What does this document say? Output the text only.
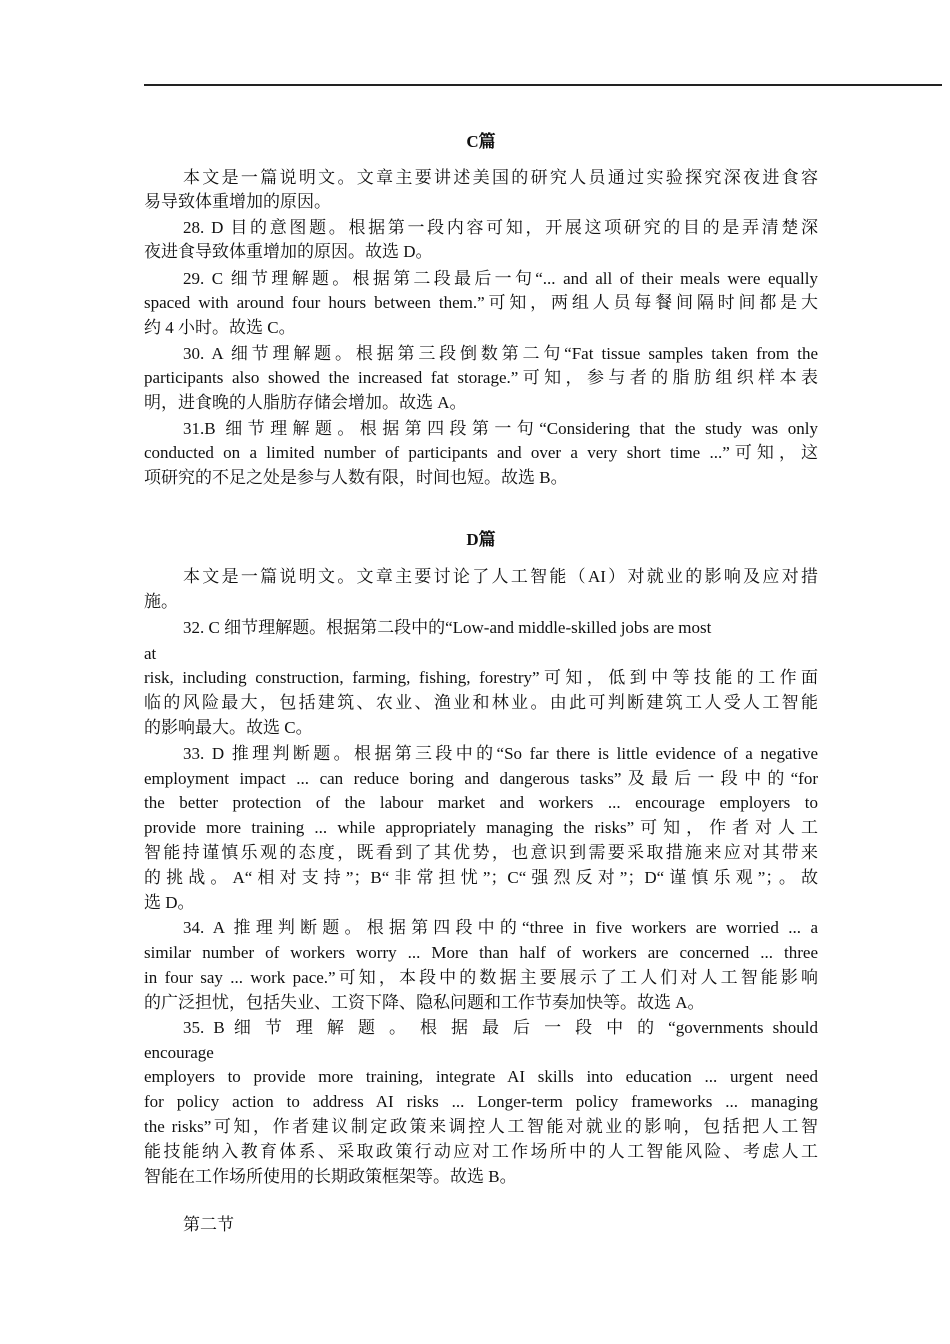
C篇
本文是一篇说明文。文章主要讲述美国的研究人员通过实验探究深夜进食容
易导致体重增加的原因。
28. D 目的意图题。根据第一段内容可知，开展这项研究的目的是弄清楚深
夜进食导致体重增加的原因。故选 D。
29. C 细节理解题。根据第二段最后一句“... and all of their meals were equally
spaced with around four hours between them.”可知，两组人员每餐间隔时间都是大
约 4 小时。故选 C。
30. A 细节理解题。根据第三段倒数第二句“Fat tissue samples taken from the
participants also showed the increased fat storage.”可知，参与者的脂肪组织样本表
明，进食晚的人脂肪存储会增加。故选 A。
31.B 细节理解题。根据第四段第一句“Considering that the study was only
conducted on a limited number of participants and over a very short time ...”可知，这
项研究的不足之处是参与人数有限，时间也短。故选 B。
D篇
本文是一篇说明文。文章主要讨论了人工智能（AI）对就业的影响及应对措
施。
32. C 细节理解题。根据第二段中的“Low-and middle-skilled jobs are most
at
risk, including construction, farming, fishing, forestry”可知，低到中等技能的工作面
临的风险最大，包括建筑、农业、渔业和林业。由此可判断建筑工人受人工智能
的影响最大。故选 C。
33. D 推理判断题。根据第三段中的“So far there is little evidence of a negative
employment impact ... can reduce boring and dangerous tasks”及最后一段中的“for
the better protection of the labour market and workers ... encourage employers to
provide more training ... while appropriately managing the risks”可知，作者对人工
智能持谨慎乐观的态度，既看到了其优势，也意识到需要采取措施来应对其带来
的挑战。A“相对支持”；B“非常担忧”；C“强烈反对”；D“谨慎乐观”；。故
选 D。
34. A 推理判断题。根据第四段中的“three in five workers are worried ... a
similar number of workers worry ... More than half of workers are concerned ... three
in four say ... work pace.”可知，本段中的数据主要展示了工人们对人工智能影响
的广泛担忧，包括失业、工资下降、隐私问题和工作节奏加快等。故选 A。
35. B 细 节 理 解 题 。 根 据 最 后 一 段 中 的 “governments should
encourage
employers to provide more training, integrate AI skills into education ... urgent need
for policy action to address AI risks ... Longer-term policy frameworks ... managing
the risks”可知，作者建议制定政策来调控人工智能对就业的影响，包括把人工智
能技能纳入教育体系、采取政策行动应对工作场所中的人工智能风险、考虑人工
智能在工作场所使用的长期政策框架等。故选 B。
第二节
